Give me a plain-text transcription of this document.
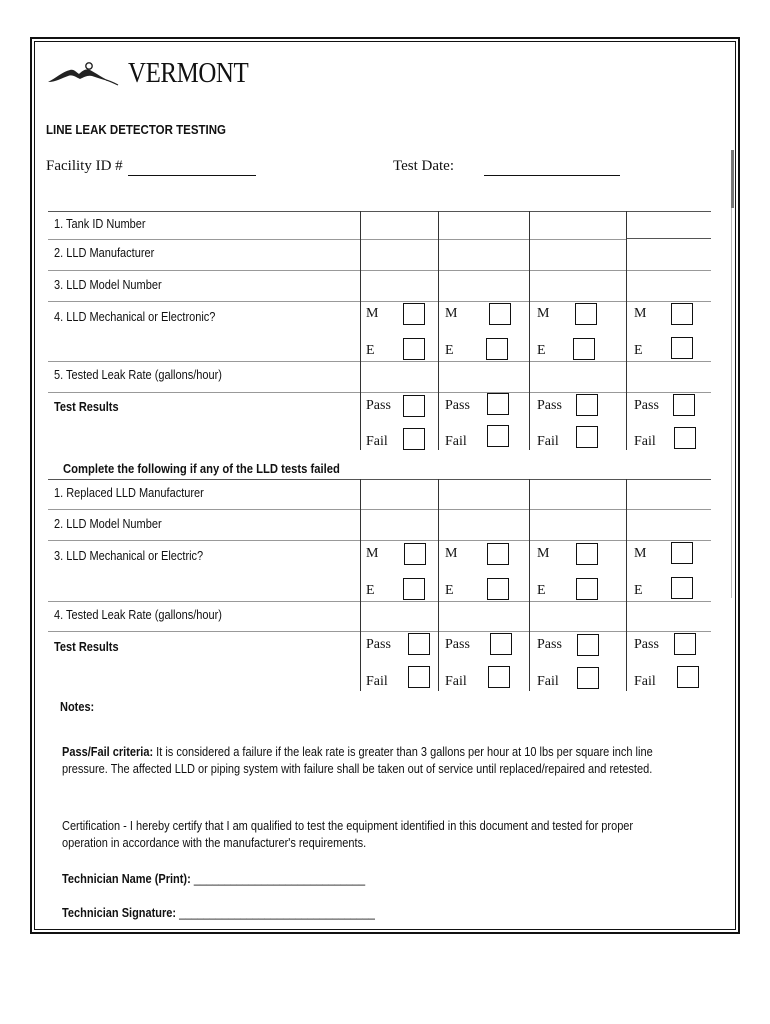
VERMONT
LINE LEAK DETECTOR TESTING
Facility ID #	Test Date:
1. Tank ID Number
2. LLD Manufacturer
3. LLD Model Number
4. LLD Mechanical or Electronic?
5. Tested Leak Rate (gallons/hour)
Test Results
M
E
Pass
Fail
M
E
Pass
Fail
M
E
Pass
Fail
M
E
Pass
Fail
Complete the following if any of the LLD tests failed
1. Replaced LLD Manufacturer
2. LLD Model Number
3. LLD Mechanical or Electric?
4. Tested Leak Rate (gallons/hour)
Test Results
M
E
Pass
Fail
M
E
Pass
Fail
M
E
Pass
Fail
M
E
Pass
Fail
Notes:
Pass/Fail criteria: It is considered a failure if the leak rate is greater than 3 gallons per hour at 10 lbs per square inch line pressure. The affected LLD or piping system with failure shall be taken out of service until replaced/repaired and retested.
Certification - I hereby certify that I am qualified to test the equipment identified in this document and tested for proper operation in accordance with the manufacturer's requirements.
Technician Name (Print): ____________________________
Technician Signature: ________________________________
